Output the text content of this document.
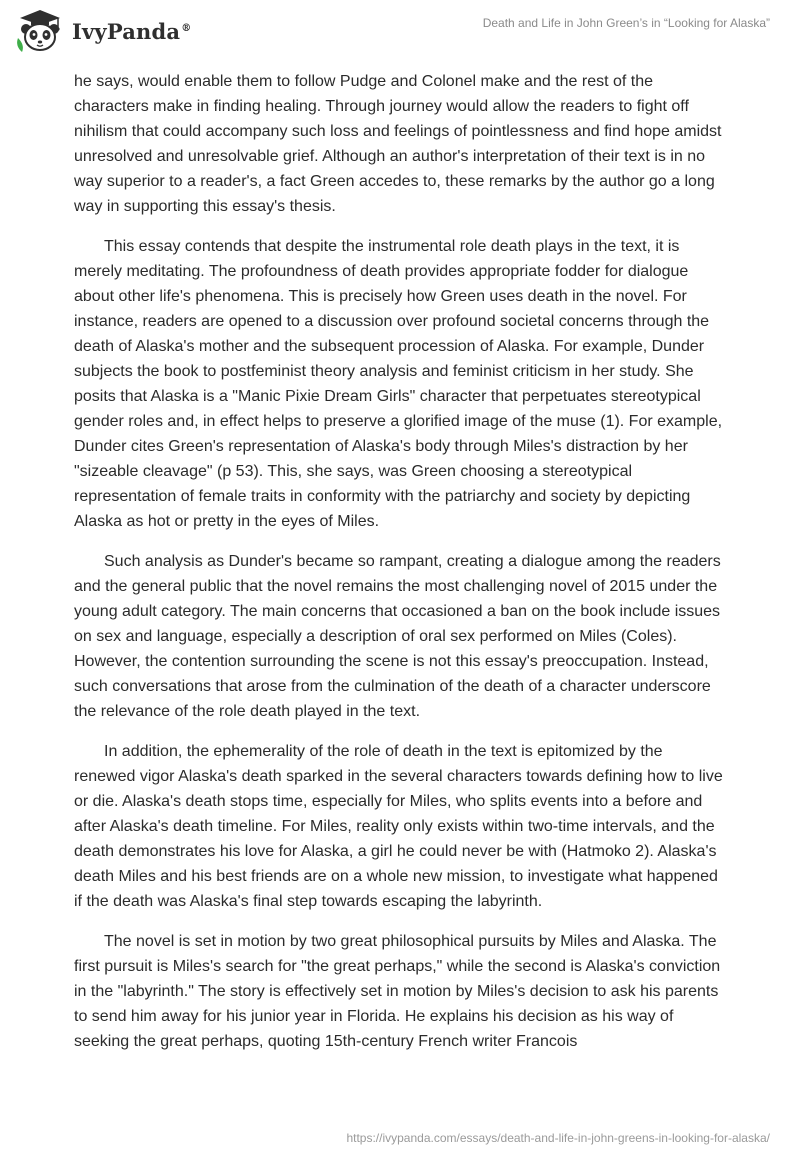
IvyPanda®	Death and Life in John Green’s in “Looking for Alaska”

he says, would enable them to follow Pudge and Colonel make and the rest of the characters make in finding healing. Through journey would allow the readers to fight off nihilism that could accompany such loss and feelings of pointlessness and find hope amidst unresolved and unresolvable grief. Although an author's interpretation of their text is in no way superior to a reader's, a fact Green accedes to, these remarks by the author go a long way in supporting this essay's thesis.

This essay contends that despite the instrumental role death plays in the text, it is merely meditating. The profoundness of death provides appropriate fodder for dialogue about other life's phenomena. This is precisely how Green uses death in the novel. For instance, readers are opened to a discussion over profound societal concerns through the death of Alaska's mother and the subsequent procession of Alaska. For example, Dunder subjects the book to postfeminist theory analysis and feminist criticism in her study. She posits that Alaska is a "Manic Pixie Dream Girls" character that perpetuates stereotypical gender roles and, in effect helps to preserve a glorified image of the muse (1). For example, Dunder cites Green's representation of Alaska's body through Miles's distraction by her "sizeable cleavage" (p 53). This, she says, was Green choosing a stereotypical representation of female traits in conformity with the patriarchy and society by depicting Alaska as hot or pretty in the eyes of Miles.

Such analysis as Dunder's became so rampant, creating a dialogue among the readers and the general public that the novel remains the most challenging novel of 2015 under the young adult category. The main concerns that occasioned a ban on the book include issues on sex and language, especially a description of oral sex performed on Miles (Coles). However, the contention surrounding the scene is not this essay's preoccupation. Instead, such conversations that arose from the culmination of the death of a character underscore the relevance of the role death played in the text.

In addition, the ephemerality of the role of death in the text is epitomized by the renewed vigor Alaska's death sparked in the several characters towards defining how to live or die. Alaska's death stops time, especially for Miles, who splits events into a before and after Alaska's death timeline. For Miles, reality only exists within two-time intervals, and the death demonstrates his love for Alaska, a girl he could never be with (Hatmoko 2). Alaska's death Miles and his best friends are on a whole new mission, to investigate what happened if the death was Alaska's final step towards escaping the labyrinth.

The novel is set in motion by two great philosophical pursuits by Miles and Alaska. The first pursuit is Miles's search for "the great perhaps," while the second is Alaska's conviction in the "labyrinth." The story is effectively set in motion by Miles's decision to ask his parents to send him away for his junior year in Florida. He explains his decision as his way of seeking the great perhaps, quoting 15th-century French writer Francois

https://ivypanda.com/essays/death-and-life-in-john-greens-in-looking-for-alaska/
